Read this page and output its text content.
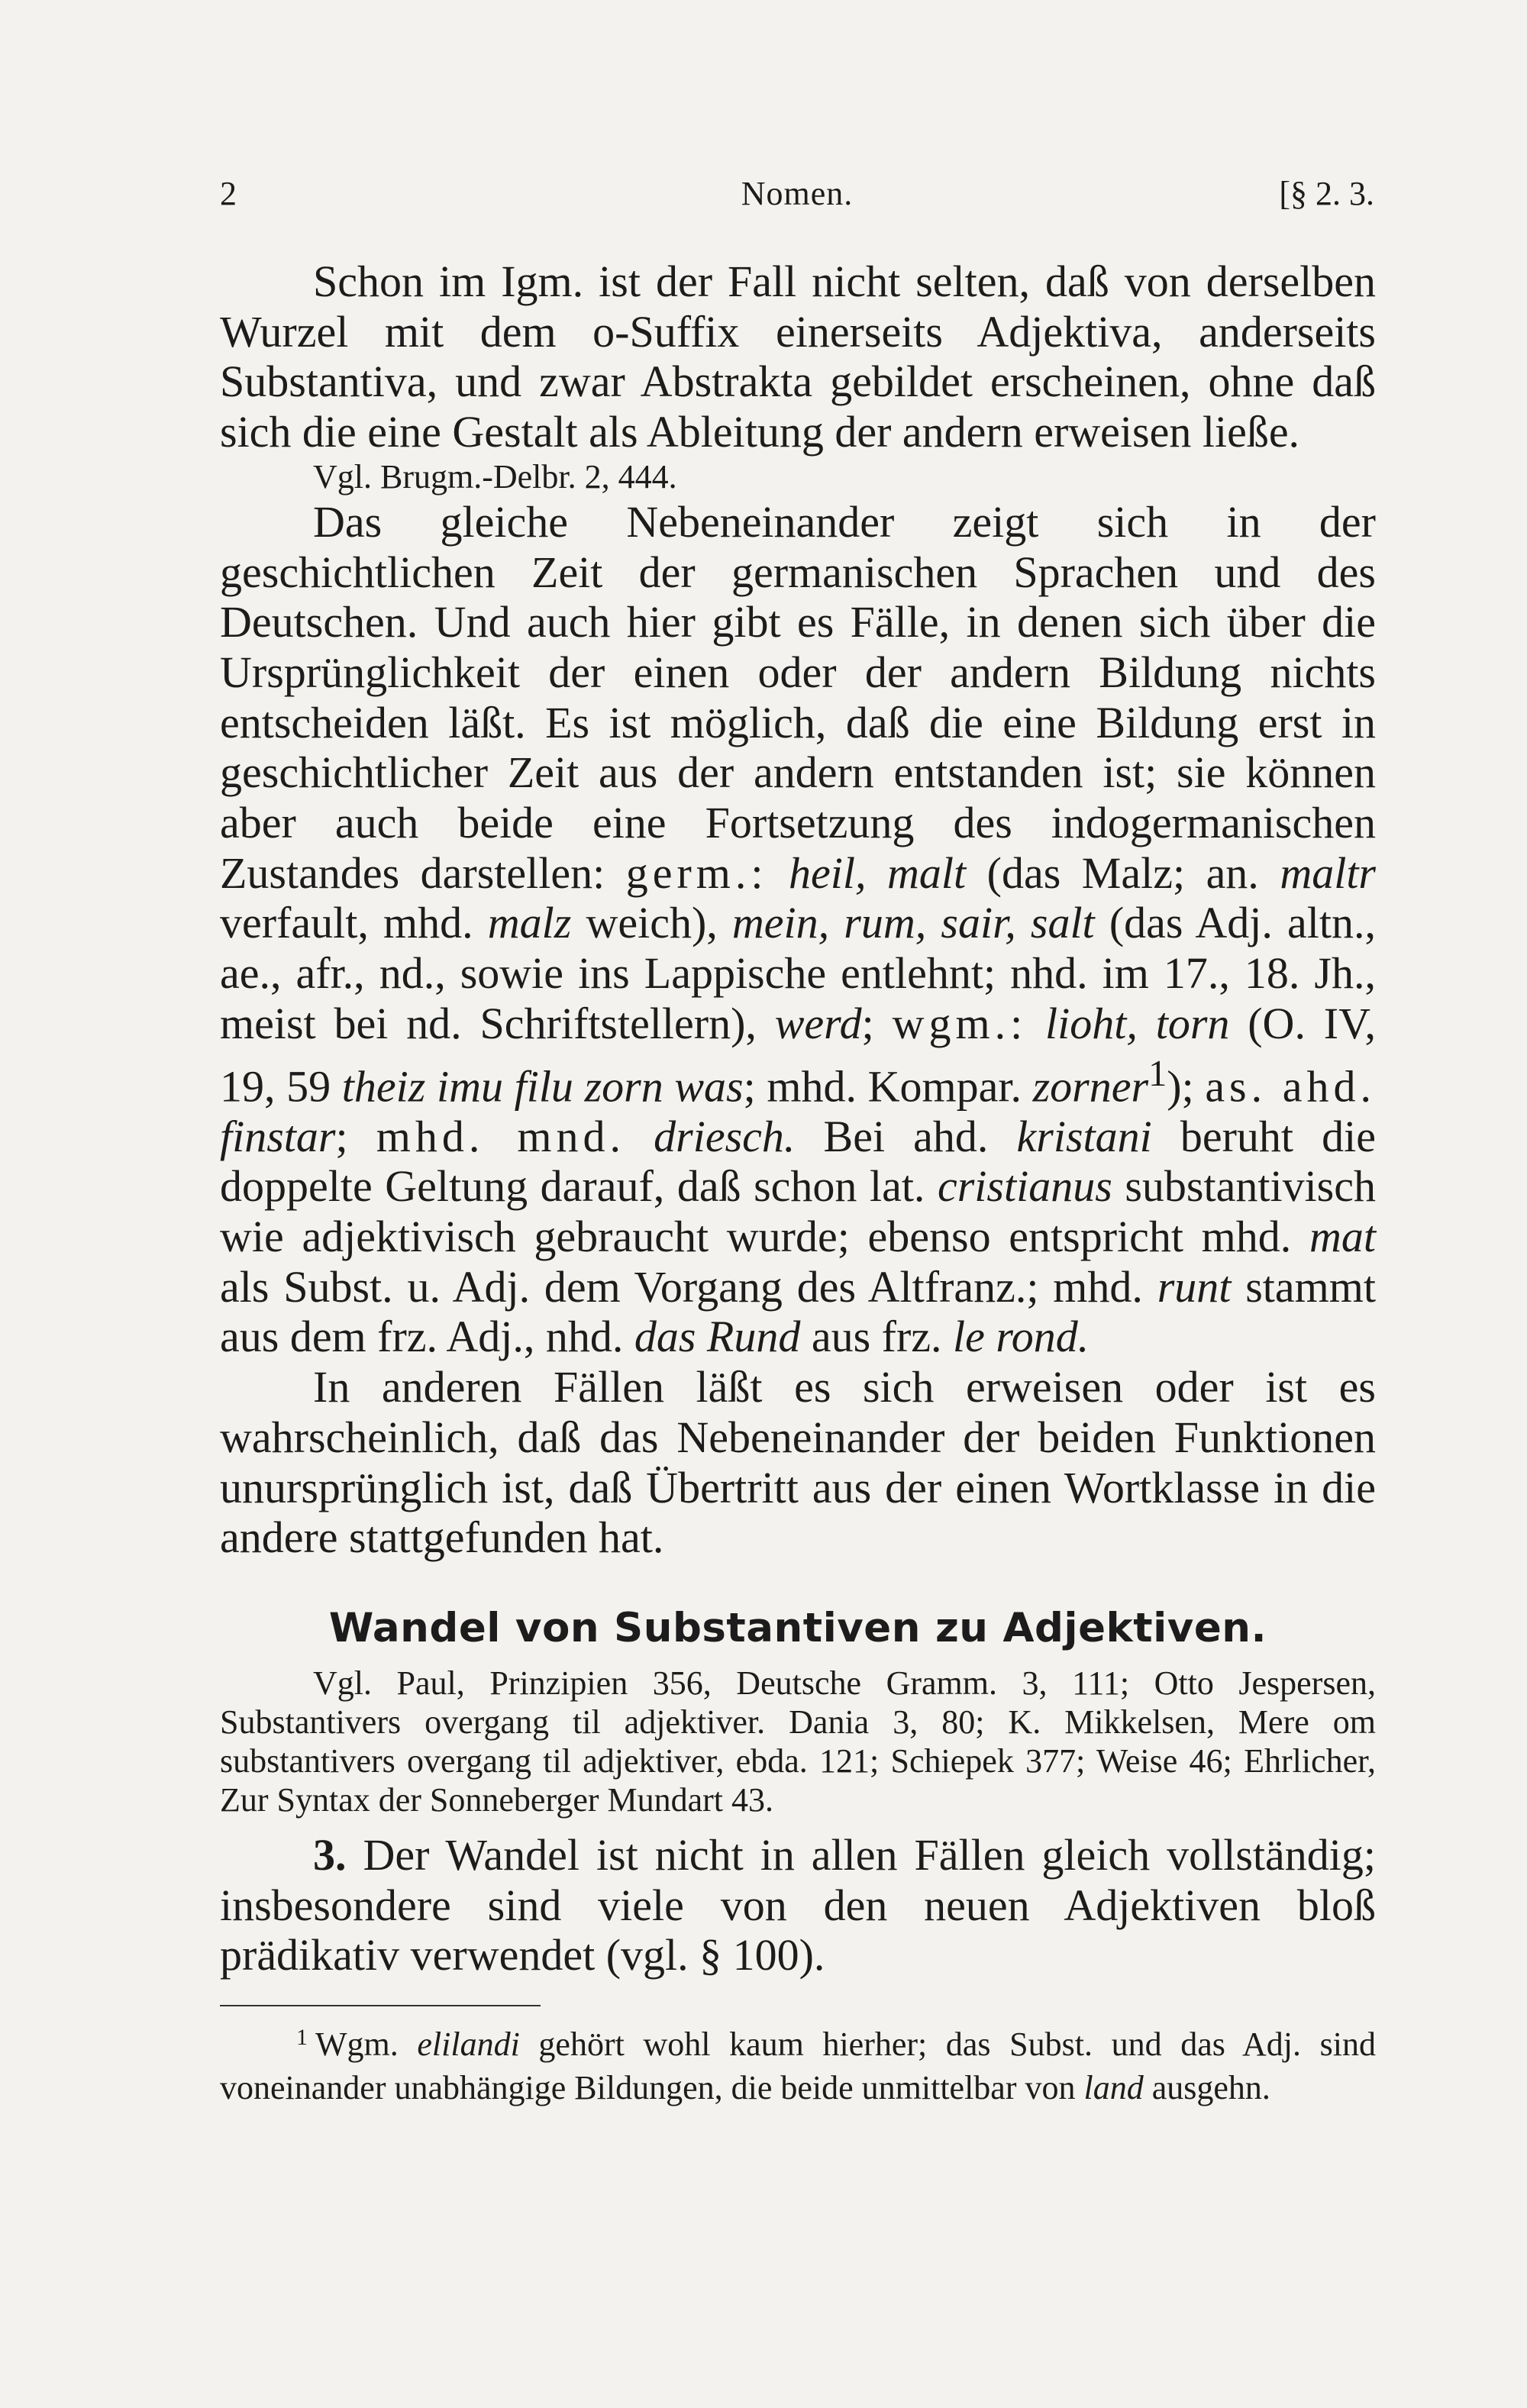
2	Nomen.	[§ 2. 3.

Schon im Igm. ist der Fall nicht selten, daß von derselben Wurzel mit dem o-Suffix einerseits Adjektiva, anderseits Substantiva, und zwar Abstrakta gebildet erscheinen, ohne daß sich die eine Gestalt als Ableitung der andern erweisen ließe.

Vgl. Brugm.-Delbr. 2, 444.

Das gleiche Nebeneinander zeigt sich in der geschichtlichen Zeit der germanischen Sprachen und des Deutschen. Und auch hier gibt es Fälle, in denen sich über die Ursprünglichkeit der einen oder der andern Bildung nichts entscheiden läßt. Es ist möglich, daß die eine Bildung erst in geschichtlicher Zeit aus der andern entstanden ist; sie können aber auch beide eine Fortsetzung des indogermanischen Zustandes darstellen: germ.: heil, malt (das Malz; an. maltr verfault, mhd. malz weich), mein, rum, sair, salt (das Adj. altn., ae., afr., nd., sowie ins Lappische entlehnt; nhd. im 17., 18. Jh., meist bei nd. Schriftstellern), werd; wgm.: lioht, torn (O. IV, 19, 59 theiz imu filu zorn was; mhd. Kompar. zorner$^1$); as. ahd. finstar; mhd. mnd. driesch. Bei ahd. kristani beruht die doppelte Geltung darauf, daß schon lat. cristianus substantivisch wie adjektivisch gebraucht wurde; ebenso entspricht mhd. mat als Subst. u. Adj. dem Vorgang des Altfranz.; mhd. runt stammt aus dem frz. Adj., nhd. das Rund aus frz. le rond.

In anderen Fällen läßt es sich erweisen oder ist es wahrscheinlich, daß das Nebeneinander der beiden Funktionen unursprünglich ist, daß Übertritt aus der einen Wortklasse in die andere stattgefunden hat.

Wandel von Substantiven zu Adjektiven.

Vgl. Paul, Prinzipien 356, Deutsche Gramm. 3, 111; Otto Jespersen, Substantivers overgang til adjektiver. Dania 3, 80; K. Mikkelsen, Mere om substantivers overgang til adjektiver, ebda. 121; Schiepek 377; Weise 46; Ehrlicher, Zur Syntax der Sonneberger Mundart 43.

3. Der Wandel ist nicht in allen Fällen gleich vollständig; insbesondere sind viele von den neuen Adjektiven bloß prädikativ verwendet (vgl. § 100).

$^1$ Wgm. elilandi gehört wohl kaum hierher; das Subst. und das Adj. sind voneinander unabhängige Bildungen, die beide unmittelbar von land ausgehn.
